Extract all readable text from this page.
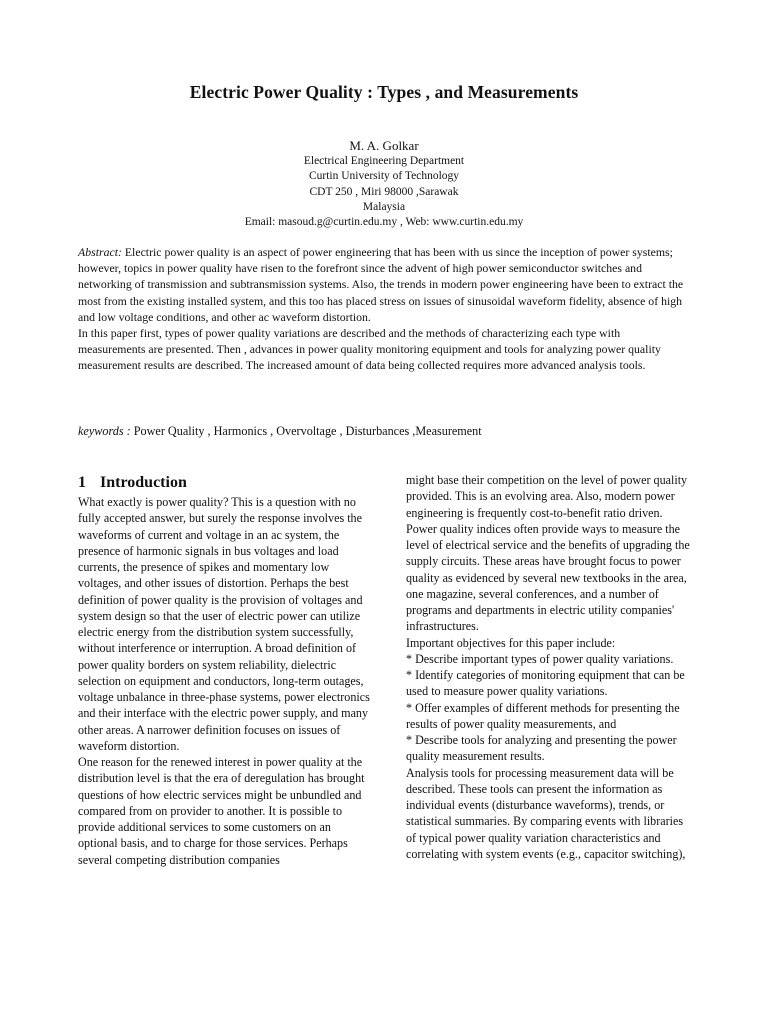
Electric Power Quality : Types , and Measurements
M. A. Golkar
Electrical Engineering Department
Curtin University of Technology
CDT 250 , Miri 98000 ,Sarawak
Malaysia
Email: masoud.g@curtin.edu.my , Web: www.curtin.edu.my

Abstract: Electric power quality is an aspect of power engineering that has been with us since the inception of power systems; however, topics in power quality have risen to the forefront since the advent of high power semiconductor switches and networking of transmission and subtransmission systems. Also, the trends in modern power engineering have been to extract the most from the existing installed system, and this too has placed stress on issues of sinusoidal waveform fidelity, absence of high and low voltage conditions, and other ac waveform distortion.

In this paper first, types of power quality variations are described and the methods of characterizing each type with measurements are presented. Then , advances in power quality monitoring equipment and tools for analyzing power quality measurement results are described. The increased amount of data being collected requires more advanced analysis tools.

keywords : Power Quality , Harmonics , Overvoltage , Disturbances ,Measurement
1 Introduction

What exactly is power quality? This is a question with no fully accepted answer, but surely the response involves the waveforms of current and voltage in an ac system, the presence of harmonic signals in bus voltages and load currents, the presence of spikes and momentary low voltages, and other issues of distortion. Perhaps the best definition of power quality is the provision of voltages and system design so that the user of electric power can utilize electric energy from the distribution system successfully, without interference or interruption. A broad definition of power quality borders on system reliability, dielectric selection on equipment and conductors, long-term outages, voltage unbalance in three-phase systems, power electronics and their interface with the electric power supply, and many other areas. A narrower definition focuses on issues of waveform distortion.

One reason for the renewed interest in power quality at the distribution level is that the era of deregulation has brought questions of how electric services might be unbundled and compared from on provider to another. It is possible to provide additional services to some customers on an optional basis, and to charge for those services. Perhaps several competing distribution companies

might base their competition on the level of power quality provided. This is an evolving area. Also, modern power engineering is frequently cost-to-benefit ratio driven. Power quality indices often provide ways to measure the level of electrical service and the benefits of upgrading the supply circuits. These areas have brought focus to power quality as evidenced by several new textbooks in the area, one magazine, several conferences, and a number of programs and departments in electric utility companies' infrastructures.

Important objectives for this paper include:

* Describe important types of power quality variations.

* Identify categories of monitoring equipment that can be used to measure power quality variations.

* Offer examples of different methods for presenting the results of power quality measurements, and

* Describe tools for analyzing and presenting the power quality measurement results.

Analysis tools for processing measurement data will be described. These tools can present the information as individual events (disturbance waveforms), trends, or statistical summaries. By comparing events with libraries of typical power quality variation characteristics and correlating with system events (e.g., capacitor switching),
